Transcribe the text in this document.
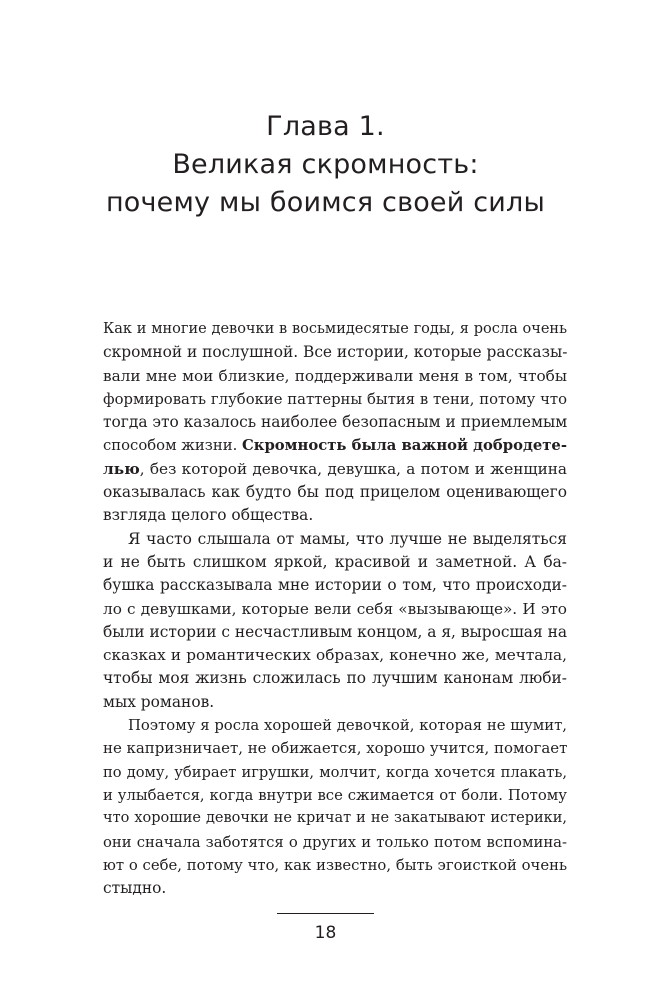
Глава 1.
Великая скромность:
почему мы боимся своей силы
Как и многие девочки в восьмидесятые годы, я росла очень
скромной и послушной. Все истории, которые рассказы-
вали мне мои близкие, поддерживали меня в том, чтобы
формировать глубокие паттерны бытия в тени, потому что
тогда это казалось наиболее безопасным и приемлемым
способом жизни. Скромность была важной добродете-
лью, без которой девочка, девушка, а потом и женщина
оказывалась как будто бы под прицелом оценивающего
взгляда целого общества.
Я часто слышала от мамы, что лучше не выделяться
и не быть слишком яркой, красивой и заметной. А ба-
бушка рассказывала мне истории о том, что происходи-
ло с девушками, которые вели себя «вызывающе». И это
были истории с несчастливым концом, а я, выросшая на
сказках и романтических образах, конечно же, мечтала,
чтобы моя жизнь сложилась по лучшим канонам люби-
мых романов.
Поэтому я росла хорошей девочкой, которая не шумит,
не капризничает, не обижается, хорошо учится, помогает
по дому, убирает игрушки, молчит, когда хочется плакать,
и улыбается, когда внутри все сжимается от боли. Потому
что хорошие девочки не кричат и не закатывают истерики,
они сначала заботятся о других и только потом вспомина-
ют о себе, потому что, как известно, быть эгоисткой очень
стыдно.
18
